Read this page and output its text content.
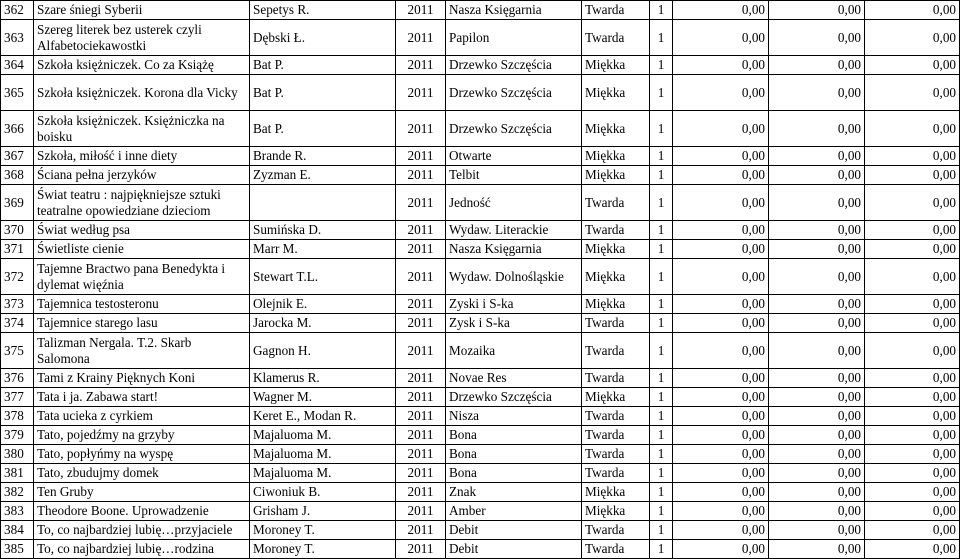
362	Szare śniegi Syberii	Sepetys R.	2011	Nasza Księgarnia	Twarda	1	0,00	0,00	0,00
363	Szereg literek bez usterek czyli Alfabetociekawostki	Dębski Ł.	2011	Papilon	Twarda	1	0,00	0,00	0,00
364	Szkoła księżniczek. Co za Książę	Bat P.	2011	Drzewko Szczęścia	Miękka	1	0,00	0,00	0,00
365	Szkoła księżniczek. Korona dla Vicky	Bat P.	2011	Drzewko Szczęścia	Miękka	1	0,00	0,00	0,00
366	Szkoła księżniczek. Księżniczka na boisku	Bat P.	2011	Drzewko Szczęścia	Miękka	1	0,00	0,00	0,00
367	Szkoła, miłość i inne diety	Brande R.	2011	Otwarte	Miękka	1	0,00	0,00	0,00
368	Ściana pełna jerzyków	Zyzman E.	2011	Telbit	Miękka	1	0,00	0,00	0,00
369	Świat teatru : najpiękniejsze sztuki teatralne opowiedziane dzieciom		2011	Jedność	Twarda	1	0,00	0,00	0,00
370	Świat według psa	Sumińska D.	2011	Wydaw. Literackie	Twarda	1	0,00	0,00	0,00
371	Świetliste cienie	Marr M.	2011	Nasza Księgarnia	Miękka	1	0,00	0,00	0,00
372	Tajemne Bractwo pana Benedykta i dylemat więźnia	Stewart T.L.	2011	Wydaw. Dolnośląskie	Miękka	1	0,00	0,00	0,00
373	Tajemnica testosteronu	Olejnik E.	2011	Zyski i S-ka	Miękka	1	0,00	0,00	0,00
374	Tajemnice starego lasu	Jarocka M.	2011	Zysk i S-ka	Twarda	1	0,00	0,00	0,00
375	Talizman Nergala. T.2. Skarb Salomona	Gagnon H.	2011	Mozaika	Twarda	1	0,00	0,00	0,00
376	Tami z Krainy Pięknych Koni	Klamerus R.	2011	Novae Res	Twarda	1	0,00	0,00	0,00
377	Tata i ja. Zabawa start!	Wagner M.	2011	Drzewko Szczęścia	Miękka	1	0,00	0,00	0,00
378	Tata ucieka z cyrkiem	Keret E., Modan R.	2011	Nisza	Twarda	1	0,00	0,00	0,00
379	Tato, pojedźmy na grzyby	Majaluoma M.	2011	Bona	Twarda	1	0,00	0,00	0,00
380	Tato, popłyńmy na wyspę	Majaluoma M.	2011	Bona	Twarda	1	0,00	0,00	0,00
381	Tato, zbudujmy domek	Majaluoma M.	2011	Bona	Twarda	1	0,00	0,00	0,00
382	Ten Gruby	Ciwoniuk B.	2011	Znak	Miękka	1	0,00	0,00	0,00
383	Theodore Boone. Uprowadzenie	Grisham J.	2011	Amber	Miękka	1	0,00	0,00	0,00
384	To, co najbardziej lubię…przyjaciele	Moroney T.	2011	Debit	Twarda	1	0,00	0,00	0,00
385	To, co najbardziej lubię…rodzina	Moroney T.	2011	Debit	Twarda	1	0,00	0,00	0,00
